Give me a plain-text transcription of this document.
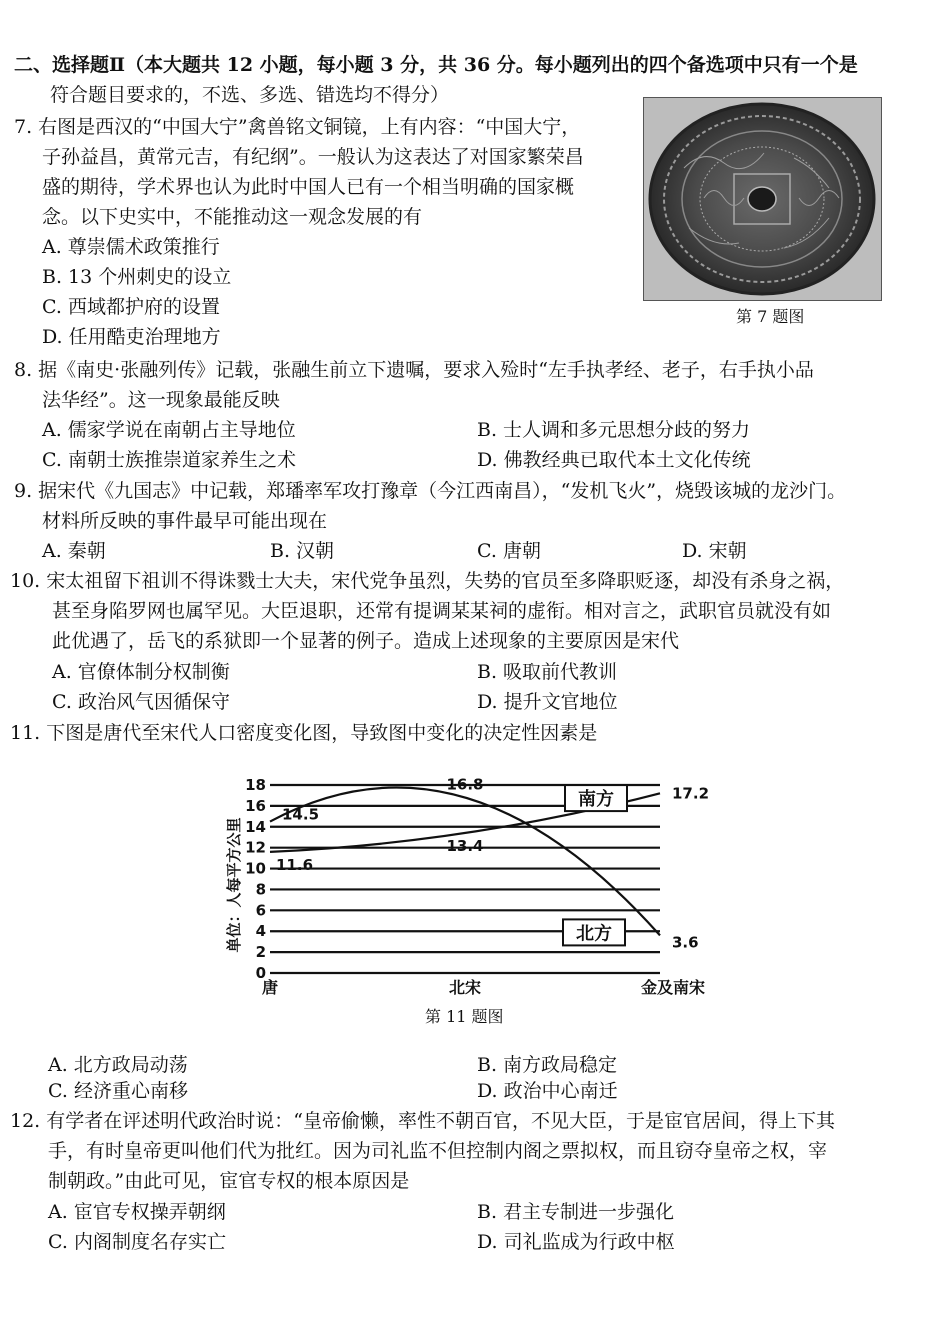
二、选择题Ⅱ（本大题共 12 小题，每小题 3 分，共 36 分。每小题列出的四个备选项中只有一个是
符合题目要求的，不选、多选、错选均不得分）
7. 右图是西汉的“中国大宁”禽兽铭文铜镜，上有内容：“中国大宁，
子孙益昌，黄常元吉，有纪纲”。一般认为这表达了对国家繁荣昌
盛的期待，学术界也认为此时中国人已有一个相当明确的国家概
念。以下史实中，不能推动这一观念发展的有
A. 尊崇儒术政策推行
B. 13 个州刺史的设立
C. 西域都护府的设置
D. 任用酷吏治理地方
第 7 题图
8. 据《南史·张融列传》记载，张融生前立下遗嘱，要求入殓时“左手执孝经、老子，右手执小品
法华经”。这一现象最能反映
A. 儒家学说在南朝占主导地位	B. 士人调和多元思想分歧的努力
C. 南朝士族推崇道家养生之术	D. 佛教经典已取代本土文化传统
9. 据宋代《九国志》中记载，郑璠率军攻打豫章（今江西南昌），“发机飞火”，烧毁该城的龙沙门。
材料所反映的事件最早可能出现在
A. 秦朝	B. 汉朝	C. 唐朝	D. 宋朝
10. 宋太祖留下祖训不得诛戮士大夫，宋代党争虽烈，失势的官员至多降职贬逐，却没有杀身之祸，
甚至身陷罗网也属罕见。大臣退职，还常有提调某某祠的虚衔。相对言之，武职官员就没有如
此优遇了，岳飞的系狱即一个显著的例子。造成上述现象的主要原因是宋代
A. 官僚体制分权制衡	B. 吸取前代教训
C. 政治风气因循保守	D. 提升文官地位
11. 下图是唐代至宋代人口密度变化图，导致图中变化的决定性因素是
0
2
4
6
8
10
12
14
16
18
唐	北宋	金及南宋
11.6
13.4
17.2
14.5
16.8
3.6
南方
北方
单位：人每平方公里
第 11 题图
A. 北方政局动荡	B. 南方政局稳定
C. 经济重心南移	D. 政治中心南迁
12. 有学者在评述明代政治时说：“皇帝偷懒，率性不朝百官，不见大臣，于是宦官居间，得上下其
手，有时皇帝更叫他们代为批红。因为司礼监不但控制内阁之票拟权，而且窃夺皇帝之权，宰
制朝政。”由此可见，宦官专权的根本原因是
A. 宦官专权操弄朝纲	B. 君主专制进一步强化
C. 内阁制度名存实亡	D. 司礼监成为行政中枢
